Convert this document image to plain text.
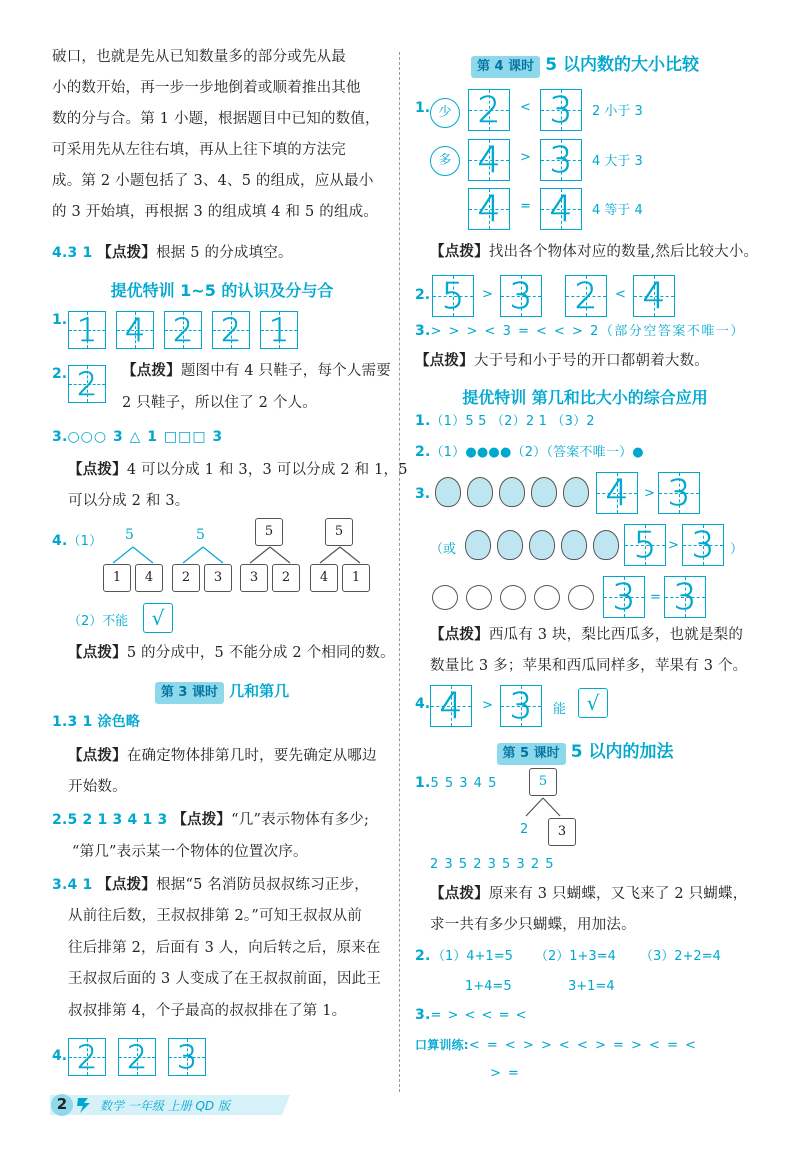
破口，也就是先从已知数量多的部分或先从最
小的数开始，再一步一步地倒着或顺着推出其他
数的分与合。第 1 小题，根据题目中已知的数值，
可采用先从左往右填，再从上往下填的方法完
成。第 2 小题包括了 3、4、5 的组成，应从最小
的 3 开始填，再根据 3 的组成填 4 和 5 的组成。
4.3 1 【点拨】根据 5 的分成填空。
提优特训 1~5 的认识及分与合
1. 1 4 2 2 1
2. 2	【点拨】题图中有 4 只鞋子，每个人需要
2 只鞋子，所以住了 2 个人。
3.○○○ 3 △ 1 □□□ 3
【点拨】4 可以分成 1 和 3，3 可以分成 2 和 1，5
可以分成 2 和 3。
4.（1） 5
1	4
5
2	3
5
3	2
5
4	1
（2）不能	√
【点拨】5 的分成中，5 不能分成 2 个相同的数。
第 3 课时 几和第几
1.3 1 涂色略
【点拨】在确定物体排第几时，要先确定从哪边
开始数。
2.5 2 1 3 4 1 3 【点拨】“几”表示物体有多少;
“第几”表示某一个物体的位置次序。
3.4 1 【点拨】根据“5 名消防员叔叔练习正步，
从前往后数，王叔叔排第 2。”可知王叔叔从前
往后排第 2，后面有 3 人，向后转之后，原来在
王叔叔后面的 3 人变成了在王叔叔前面，因此王
叔叔排第 4，个子最高的叔叔排在了第 1。
4. 2 2 3
第 4 课时 5 以内数的大小比较
1. 少 2	< 3	2 小于 3
多 4	> 3	4 大于 3
4	= 4	4 等于 4
【点拨】找出各个物体对应的数量,然后比较大小。
2. 5	> 3 2	< 4
3.> > > < 3 = < < > 2（部分空答案不唯一）
【点拨】大于号和小于号的开口都朝着大数。
提优特训 第几和比大小的综合应用
1.（1）5 5 （2）2 1 （3）2
2.（1）●●●●（2）（答案不唯一）●
3.	4	> 3
（或	5 > 3	）
3	= 3
【点拨】西瓜有 3 块，梨比西瓜多，也就是梨的
数量比 3 多；苹果和西瓜同样多，苹果有 3 个。
4. 4	> 3	能	√
第 5 课时 5 以内的加法
1.5 5 3 4 5	5
2	3
2 3 5 2 3 5 3 2 5
【点拨】原来有 3 只蝴蝶，又飞来了 2 只蝴蝶，
求一共有多少只蝴蝶，用加法。
2. （1）4+1=5 （2）1+3=4 （3）2+2=4
1+4=5	3+1=4
3.= > < < = <
口算训练:< = < > > < < > = > < = <
> =
2	数学 一年级 上册 QD 版
